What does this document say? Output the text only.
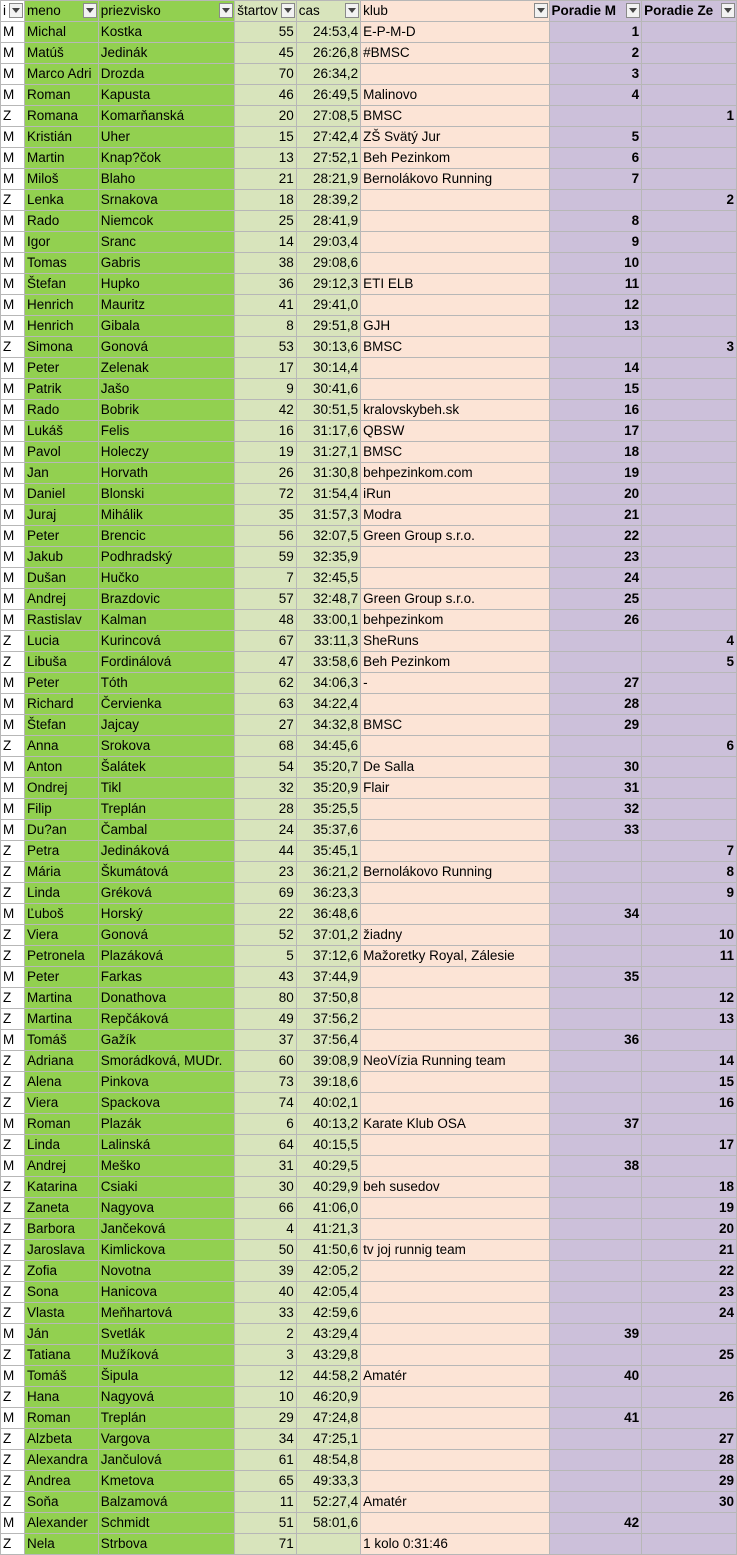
i	meno	priezvisko	štartov	cas	klub	Poradie M	Poradie Ze

M	Michal	Kostka	55	24:53,4	E-P-M-D	1	
M	Matúš	Jedinák	45	26:26,8	#BMSC	2	
M	Marco Adri	Drozda	70	26:34,2		3	
M	Roman	Kapusta	46	26:49,5	Malinovo	4	
Z	Romana	Komarňanská	20	27:08,5	BMSC		1
M	Kristián	Uher	15	27:42,4	ZŠ Svätý Jur	5	
M	Martin	Knap?čok	13	27:52,1	Beh Pezinkom	6	
M	Miloš	Blaho	21	28:21,9	Bernolákovo Running	7	
Z	Lenka	Srnakova	18	28:39,2			2
M	Rado	Niemcok	25	28:41,9		8	
M	Igor	Sranc	14	29:03,4		9	
M	Tomas	Gabris	38	29:08,6		10	
M	Štefan	Hupko	36	29:12,3	ETI ELB	11	
M	Henrich	Mauritz	41	29:41,0		12	
M	Henrich	Gibala	8	29:51,8	GJH	13	
Z	Simona	Gonová	53	30:13,6	BMSC		3
M	Peter	Zelenak	17	30:14,4		14	
M	Patrik	Jašo	9	30:41,6		15	
M	Rado	Bobrik	42	30:51,5	kralovskybeh.sk	16	
M	Lukáš	Felis	16	31:17,6	QBSW	17	
M	Pavol	Holeczy	19	31:27,1	BMSC	18	
M	Jan	Horvath	26	31:30,8	behpezinkom.com	19	
M	Daniel	Blonski	72	31:54,4	iRun	20	
M	Juraj	Mihálik	35	31:57,3	Modra	21	
M	Peter	Brencic	56	32:07,5	Green Group s.r.o.	22	
M	Jakub	Podhradský	59	32:35,9		23	
M	Dušan	Hučko	7	32:45,5		24	
M	Andrej	Brazdovic	57	32:48,7	Green Group s.r.o.	25	
M	Rastislav	Kalman	48	33:00,1	behpezinkom	26	
Z	Lucia	Kurincová	67	33:11,3	SheRuns		4
Z	Libuša	Fordinálová	47	33:58,6	Beh Pezinkom		5
M	Peter	Tóth	62	34:06,3	-	27	
M	Richard	Červienka	63	34:22,4		28	
M	Štefan	Jajcay	27	34:32,8	BMSC	29	
Z	Anna	Srokova	68	34:45,6			6
M	Anton	Šalátek	54	35:20,7	De Salla	30	
M	Ondrej	Tikl	32	35:20,9	Flair	31	
M	Filip	Treplán	28	35:25,5		32	
M	Du?an	Čambal	24	35:37,6		33	
Z	Petra	Jedináková	44	35:45,1			7
Z	Mária	Škumátová	23	36:21,2	Bernolákovo Running		8
Z	Linda	Gréková	69	36:23,3			9
M	Ľuboš	Horský	22	36:48,6		34	
Z	Viera	Gonová	52	37:01,2	žiadny		10
Z	Petronela	Plazáková	5	37:12,6	Mažoretky Royal, Zálesie		11
M	Peter	Farkas	43	37:44,9		35	
Z	Martina	Donathova	80	37:50,8			12
Z	Martina	Repčáková	49	37:56,2			13
M	Tomáš	Gažík	37	37:56,4		36	
Z	Adriana	Smorádková, MUDr.	60	39:08,9	NeoVízia Running team		14
Z	Alena	Pinkova	73	39:18,6			15
Z	Viera	Spackova	74	40:02,1			16
M	Roman	Plazák	6	40:13,2	Karate Klub OSA	37	
Z	Linda	Lalinská	64	40:15,5			17
M	Andrej	Meško	31	40:29,5		38	
Z	Katarina	Csiaki	30	40:29,9	beh susedov		18
Z	Zaneta	Nagyova	66	41:06,0			19
Z	Barbora	Jančeková	4	41:21,3			20
Z	Jaroslava	Kimlickova	50	41:50,6	tv joj runnig team		21
Z	Zofia	Novotna	39	42:05,2			22
Z	Sona	Hanicova	40	42:05,4			23
Z	Vlasta	Meňhartová	33	42:59,6			24
M	Ján	Svetlák	2	43:29,4		39	
Z	Tatiana	Mužíková	3	43:29,8			25
M	Tomáš	Šipula	12	44:58,2	Amatér	40	
Z	Hana	Nagyová	10	46:20,9			26
M	Roman	Treplán	29	47:24,8		41	
Z	Alzbeta	Vargova	34	47:25,1			27
Z	Alexandra	Jančulová	61	48:54,8			28
Z	Andrea	Kmetova	65	49:33,3			29
Z	Soňa	Balzamová	11	52:27,4	Amatér		30
M	Alexander	Schmidt	51	58:01,6		42	
Z	Nela	Strbova	71		1 kolo 0:31:46		
